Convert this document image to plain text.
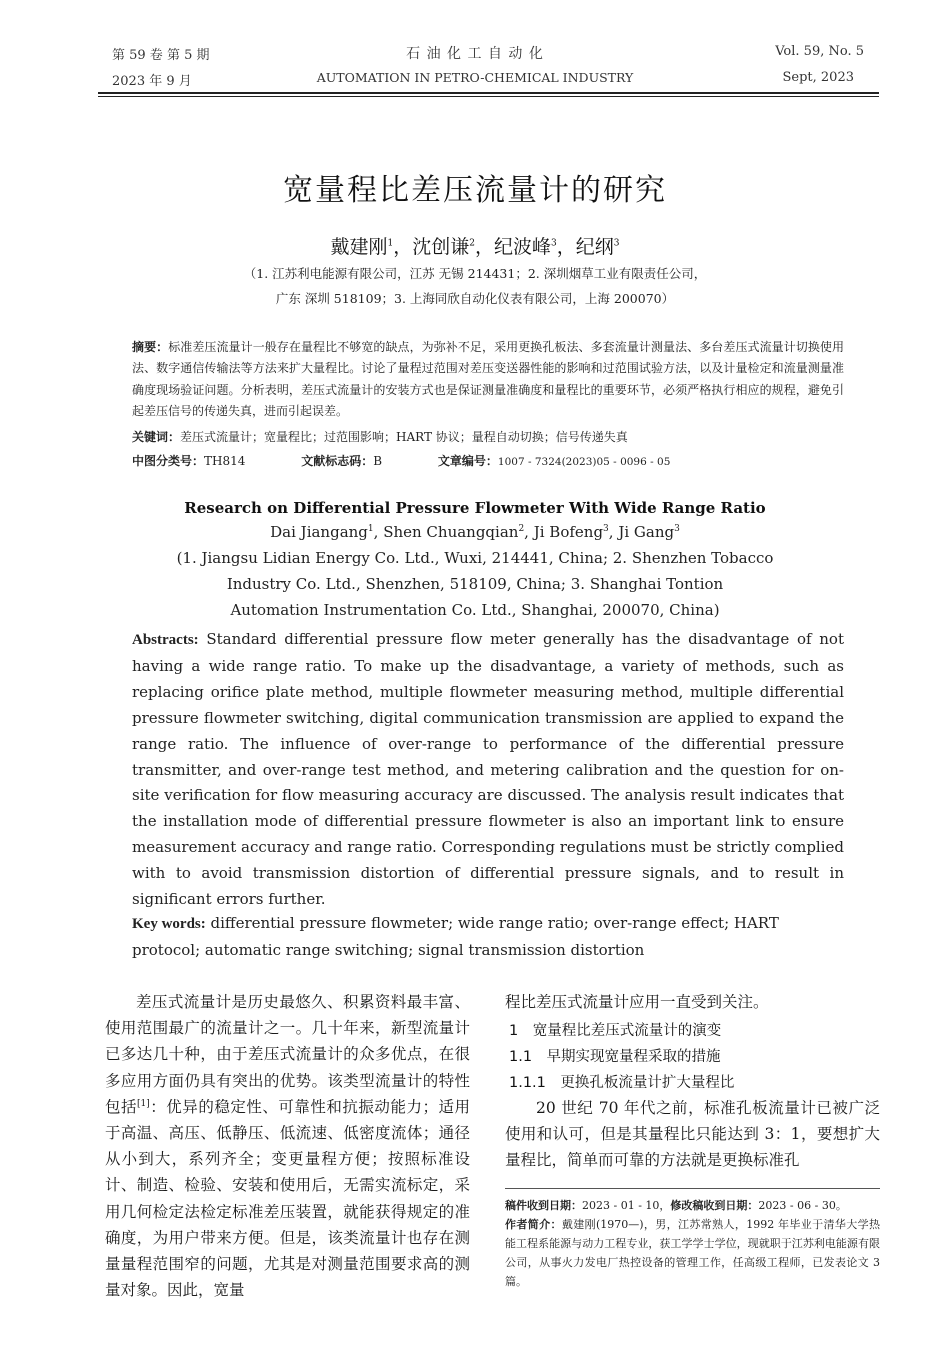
第 59 卷 第 5 期
2023 年 9 月
石 油 化 工 自 动 化
AUTOMATION IN PETRO-CHEMICAL INDUSTRY
Vol. 59, No. 5
Sept, 2023
宽量程比差压流量计的研究
戴建刚$^1$，沈创谦$^2$，纪波峰$^3$，纪纲$^3$
（1. 江苏利电能源有限公司，江苏 无锡 214431；2. 深圳烟草工业有限责任公司，
广东 深圳 518109；3. 上海同欣自动化仪表有限公司，上海 200070）
摘要：标准差压流量计一般存在量程比不够宽的缺点，为弥补不足，采用更换孔板法、多套流量计测量法、多台差压式流量计切换使用法、数字通信传输法等方法来扩大量程比。讨论了量程过范围对差压变送器性能的影响和过范围试验方法，以及计量检定和流量测量准确度现场验证问题。分析表明，差压式流量计的安装方式也是保证测量准确度和量程比的重要环节，必须严格执行相应的规程，避免引起差压信号的传递失真，进而引起误差。
关键词：差压式流量计；宽量程比；过范围影响；HART 协议；量程自动切换；信号传递失真
中图分类号：TH814	文献标志码：B	文章编号：1007 - 7324(2023)05 - 0096 - 05
Research on Differential Pressure Flowmeter With Wide Range Ratio
Dai Jiangang$^1$, Shen Chuangqian$^2$, Ji Bofeng$^3$, Ji Gang$^3$
(1. Jiangsu Lidian Energy Co. Ltd., Wuxi, 214441, China; 2. Shenzhen Tobacco
Industry Co. Ltd., Shenzhen, 518109, China; 3. Shanghai Tontion
Automation Instrumentation Co. Ltd., Shanghai, 200070, China)
Abstracts: Standard differential pressure flow meter generally has the disadvantage of not having a wide range ratio. To make up the disadvantage, a variety of methods, such as replacing orifice plate method, multiple flowmeter measuring method, multiple differential pressure flowmeter switching, digital communication transmission are applied to expand the range ratio. The influence of over-range to performance of the differential pressure transmitter, and over-range test method, and metering calibration and the question for on-site verification for flow measuring accuracy are discussed. The analysis result indicates that the installation mode of differential pressure flowmeter is also an important link to ensure measurement accuracy and range ratio. Corresponding regulations must be strictly complied with to avoid transmission distortion of differential pressure signals, and to result in significant errors further.
Key words: differential pressure flowmeter; wide range ratio; over-range effect; HART protocol; automatic range switching; signal transmission distortion

差压式流量计是历史最悠久、积累资料最丰富、使用范围最广的流量计之一。几十年来，新型流量计已多达几十种，由于差压式流量计的众多优点，在很多应用方面仍具有突出的优势。该类型流量计的特性包括[1]：优异的稳定性、可靠性和抗振动能力；适用于高温、高压、低静压、低流速、低密度流体；通径从小到大，系列齐全；变更量程方便；按照标准设计、制造、检验、安装和使用后，无需实流标定，采用几何检定法检定标准差压装置，就能获得规定的准确度，为用户带来方便。但是，该类流量计也存在测量量程范围窄的问题，尤其是对测量范围要求高的测量对象。因此，宽量

程比差压式流量计应用一直受到关注。

1　宽量程比差压式流量计的演变
1.1　早期实现宽量程采取的措施
1.1.1　更换孔板流量计扩大量程比

20 世纪 70 年代之前，标准孔板流量计已被广泛使用和认可，但是其量程比只能达到 3：1，要想扩大量程比，简单而可靠的方法就是更换标准孔

稿件收到日期：2023 - 01 - 10，修改稿收到日期：2023 - 06 - 30。
作者简介：戴建刚(1970—)，男，江苏常熟人，1992 年毕业于清华大学热能工程系能源与动力工程专业，获工学学士学位，现就职于江苏利电能源有限公司，从事火力发电厂热控设备的管理工作，任高级工程师，已发表论文 3 篇。
